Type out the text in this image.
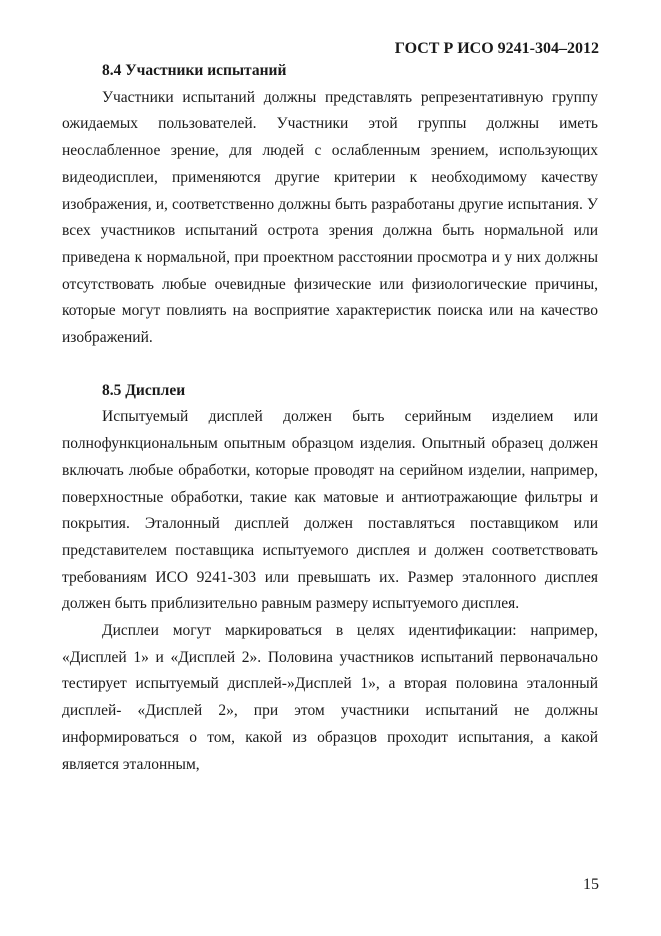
ГОСТ Р ИСО 9241-304–2012

8.4 Участники испытаний

Участники испытаний должны представлять репрезентативную группу ожидаемых пользователей. Участники этой группы должны иметь неослабленное зрение, для людей с ослабленным зрением, использующих видеодисплеи, применяются другие критерии к необходимому качеству изображения, и, соответственно должны быть разработаны другие испытания. У всех участников испытаний острота зрения должна быть нормальной или приведена к нормальной, при проектном расстоянии просмотра и у них должны отсутствовать любые очевидные физические или физиологические причины, которые могут повлиять на восприятие характеристик поиска или на качество изображений.

8.5 Дисплеи

Испытуемый дисплей должен быть серийным изделием или полнофункциональным опытным образцом изделия. Опытный образец должен включать любые обработки, которые проводят на серийном изделии, например, поверхностные обработки, такие как матовые и антиотражающие фильтры и покрытия. Эталонный дисплей должен поставляться поставщиком или представителем поставщика испытуемого дисплея и должен соответствовать требованиям ИСО 9241-303 или превышать их. Размер эталонного дисплея должен быть приблизительно равным размеру испытуемого дисплея.

Дисплеи могут маркироваться в целях идентификации: например, «Дисплей 1» и «Дисплей 2». Половина участников испытаний первоначально тестирует испытуемый дисплей-»Дисплей 1», а вторая половина эталонный дисплей- «Дисплей 2», при этом участники испытаний не должны информироваться о том, какой из образцов проходит испытания, а какой является эталонным,

15
